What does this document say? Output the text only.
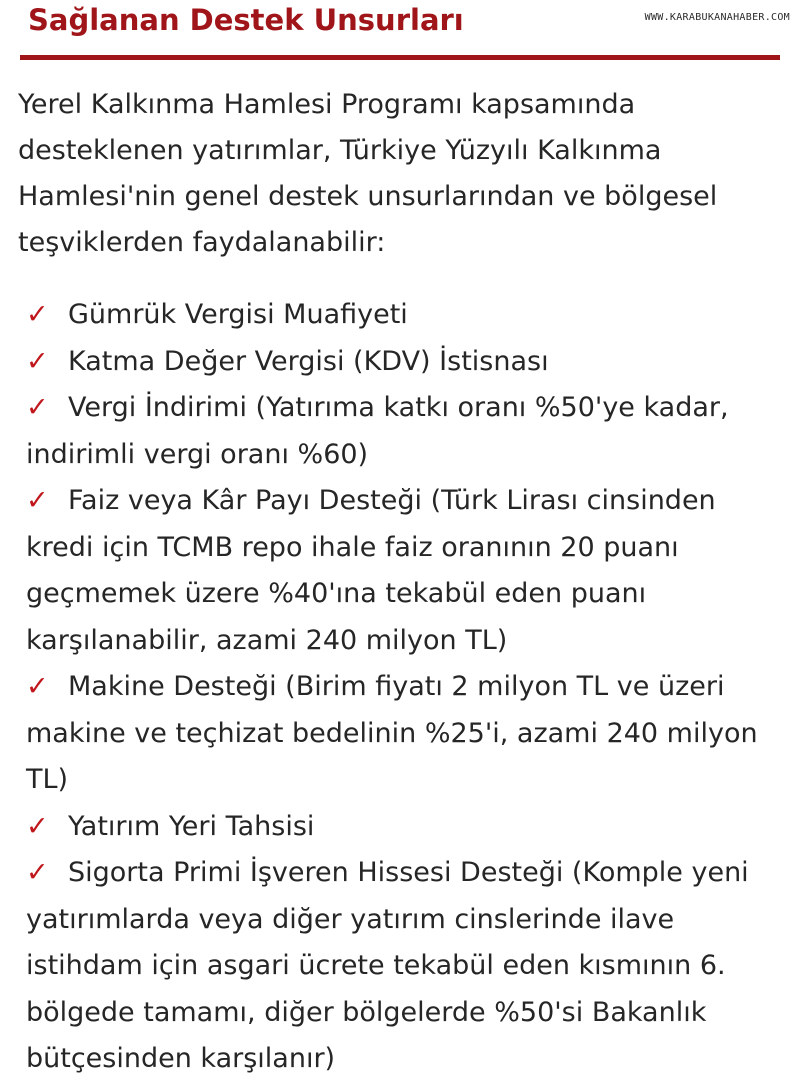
WWW.KARABUKANAHABER.COM
Sağlanan Destek Unsurları

Yerel Kalkınma Hamlesi Programı kapsamında desteklenen yatırımlar, Türkiye Yüzyılı Kalkınma Hamlesi'nin genel destek unsurlarından ve bölgesel teşviklerden faydalanabilir:

✓ Gümrük Vergisi Muafiyeti
✓ Katma Değer Vergisi (KDV) İstisnası
✓ Vergi İndirimi (Yatırıma katkı oranı %50'ye kadar, indirimli vergi oranı %60)
✓ Faiz veya Kâr Payı Desteği (Türk Lirası cinsinden kredi için TCMB repo ihale faiz oranının 20 puanı geçmemek üzere %40'ına tekabül eden puanı karşılanabilir, azami 240 milyon TL)
✓ Makine Desteği (Birim fiyatı 2 milyon TL ve üzeri makine ve teçhizat bedelinin %25'i, azami 240 milyon TL)
✓ Yatırım Yeri Tahsisi
✓ Sigorta Primi İşveren Hissesi Desteği (Komple yeni yatırımlarda veya diğer yatırım cinslerinde ilave istihdam için asgari ücrete tekabül eden kısmının 6. bölgede tamamı, diğer bölgelerde %50'si Bakanlık bütçesinden karşılanır)
